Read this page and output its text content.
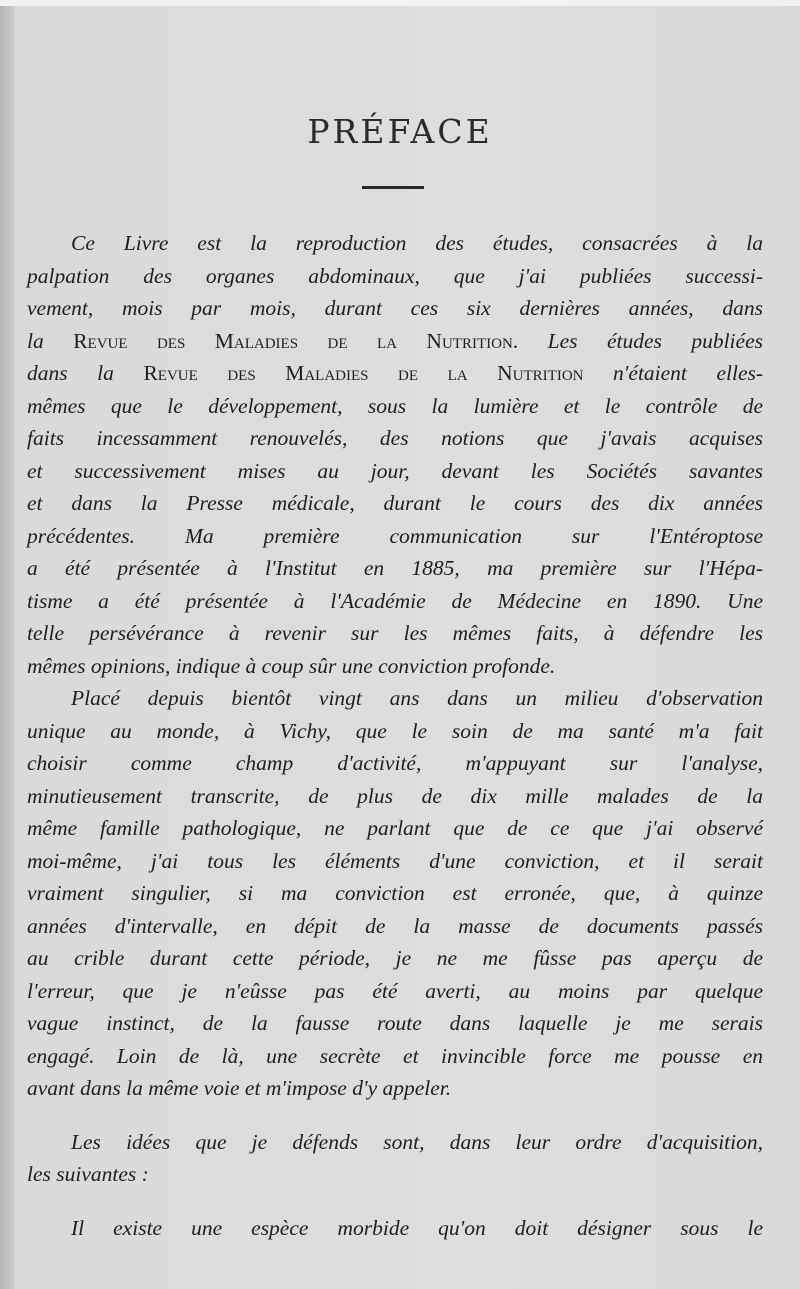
PRÉFACE
Ce Livre est la reproduction des études, consacrées à la
palpation des organes abdominaux, que j'ai publiées successi-
vement, mois par mois, durant ces six dernières années, dans
la Revue des Maladies de la Nutrition. Les études publiées
dans la Revue des Maladies de la Nutrition n'étaient elles-
mêmes que le développement, sous la lumière et le contrôle de
faits incessamment renouvelés, des notions que j'avais acquises
et successivement mises au jour, devant les Sociétés savantes
et dans la Presse médicale, durant le cours des dix années
précédentes. Ma première communication sur l'Entéroptose
a été présentée à l'Institut en 1885, ma première sur l'Hépa-
tisme a été présentée à l'Académie de Médecine en 1890. Une
telle persévérance à revenir sur les mêmes faits, à défendre les
mêmes opinions, indique à coup sûr une conviction profonde.
Placé depuis bientôt vingt ans dans un milieu d'observation
unique au monde, à Vichy, que le soin de ma santé m'a fait
choisir comme champ d'activité, m'appuyant sur l'analyse,
minutieusement transcrite, de plus de dix mille malades de la
même famille pathologique, ne parlant que de ce que j'ai observé
moi-même, j'ai tous les éléments d'une conviction, et il serait
vraiment singulier, si ma conviction est erronée, que, à quinze
années d'intervalle, en dépit de la masse de documents passés
au crible durant cette période, je ne me fûsse pas aperçu de
l'erreur, que je n'eûsse pas été averti, au moins par quelque
vague instinct, de la fausse route dans laquelle je me serais
engagé. Loin de là, une secrète et invincible force me pousse en
avant dans la même voie et m'impose d'y appeler.
Les idées que je défends sont, dans leur ordre d'acquisition,
les suivantes :
Il existe une espèce morbide qu'on doit désigner sous le
